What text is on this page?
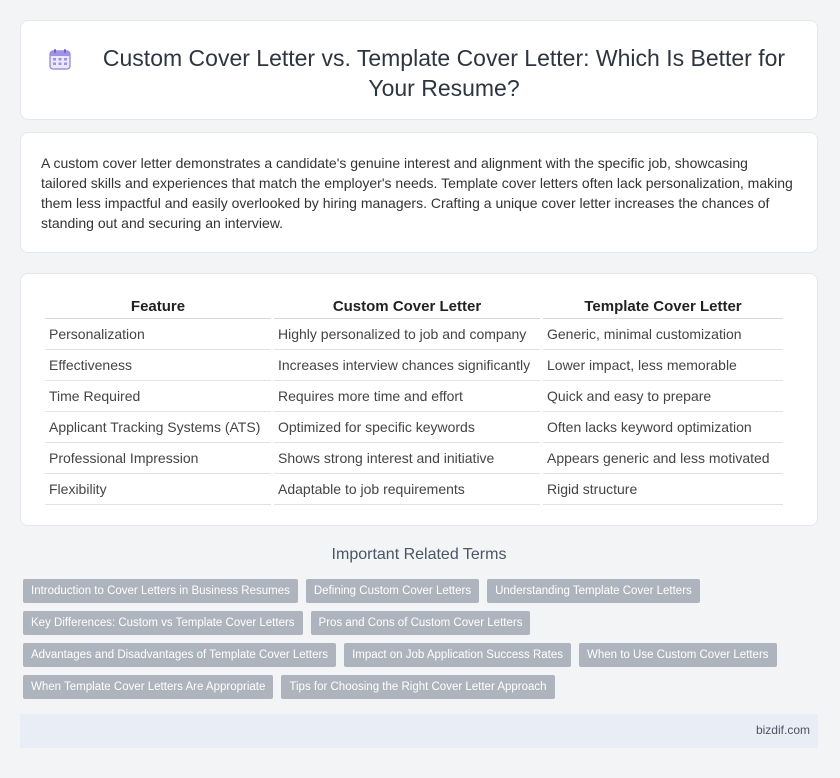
Custom Cover Letter vs. Template Cover Letter: Which Is Better for Your Resume?
A custom cover letter demonstrates a candidate's genuine interest and alignment with the specific job, showcasing tailored skills and experiences that match the employer's needs. Template cover letters often lack personalization, making them less impactful and easily overlooked by hiring managers. Crafting a unique cover letter increases the chances of standing out and securing an interview.
Feature	Custom Cover Letter	Template Cover Letter
Personalization	Highly personalized to job and company	Generic, minimal customization
Effectiveness	Increases interview chances significantly	Lower impact, less memorable
Time Required	Requires more time and effort	Quick and easy to prepare
Applicant Tracking Systems (ATS)	Optimized for specific keywords	Often lacks keyword optimization
Professional Impression	Shows strong interest and initiative	Appears generic and less motivated
Flexibility	Adaptable to job requirements	Rigid structure
Important Related Terms
Introduction to Cover Letters in Business Resumes	Defining Custom Cover Letters	Understanding Template Cover Letters
Key Differences: Custom vs Template Cover Letters	Pros and Cons of Custom Cover Letters
Advantages and Disadvantages of Template Cover Letters	Impact on Job Application Success Rates	When to Use Custom Cover Letters
When Template Cover Letters Are Appropriate	Tips for Choosing the Right Cover Letter Approach
bizdif.com
